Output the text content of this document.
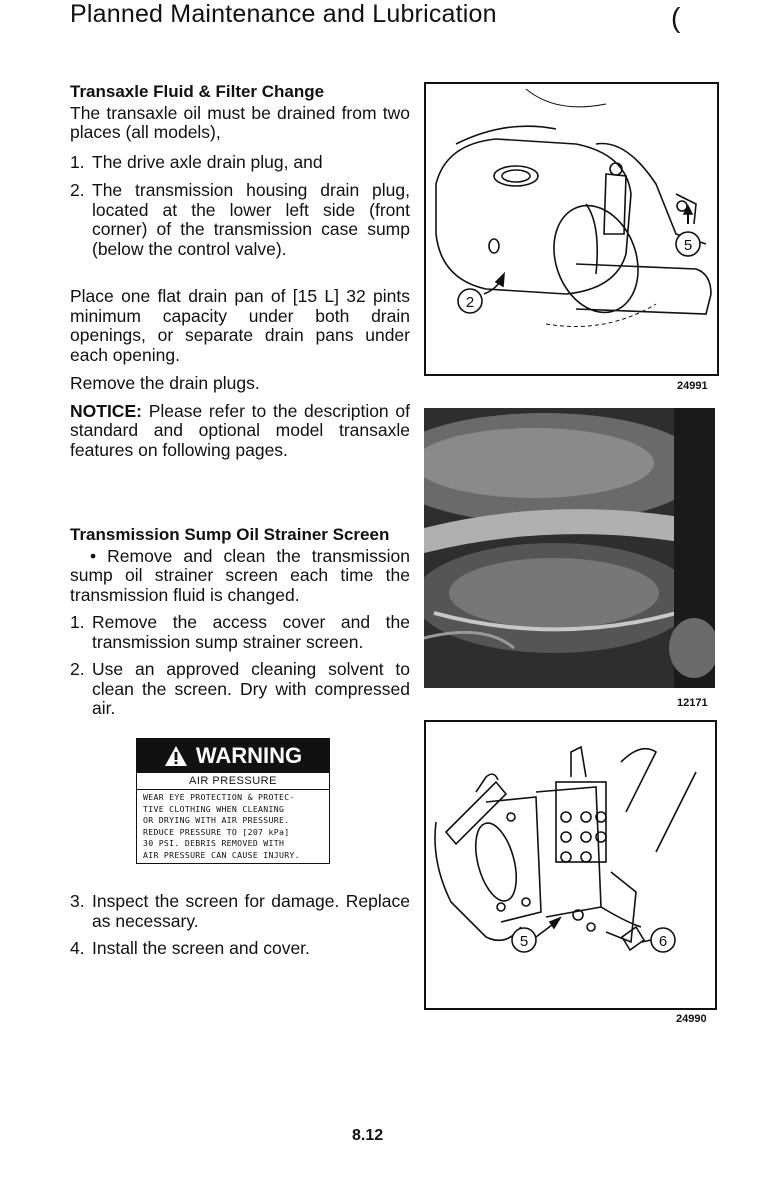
Planned Maintenance and Lubrication	(
Transaxle Fluid & Filter Change

The transaxle oil must be drained from two places (all models),

1. The drive axle drain plug, and
2. The transmission housing drain plug, located at the lower left side (front corner) of the transmission case sump (below the control valve).

Place one flat drain pan of [15 L] 32 pints minimum capacity under both drain openings, or separate drain pans under each opening.

Remove the drain plugs.

NOTICE: Please refer to the description of standard and optional model transaxle features on following pages.

Transmission Sump Oil Strainer Screen

• Remove and clean the transmission sump oil strainer screen each time the transmission fluid is changed.

1. Remove the access cover and the transmission sump strainer screen.
2. Use an approved cleaning solvent to clean the screen. Dry with compressed air.
WARNING
AIR PRESSURE
WEAR EYE PROTECTION & PROTEC-
TIVE CLOTHING WHEN CLEANING
OR DRYING WITH AIR PRESSURE.
REDUCE PRESSURE TO [207 kPa]
30 PSI. DEBRIS REMOVED WITH
AIR PRESSURE CAN CAUSE INJURY.
3. Inspect the screen for damage. Replace as necessary.
4. Install the screen and cover.
5
2
24991
12171
5	6
24990
8.12
